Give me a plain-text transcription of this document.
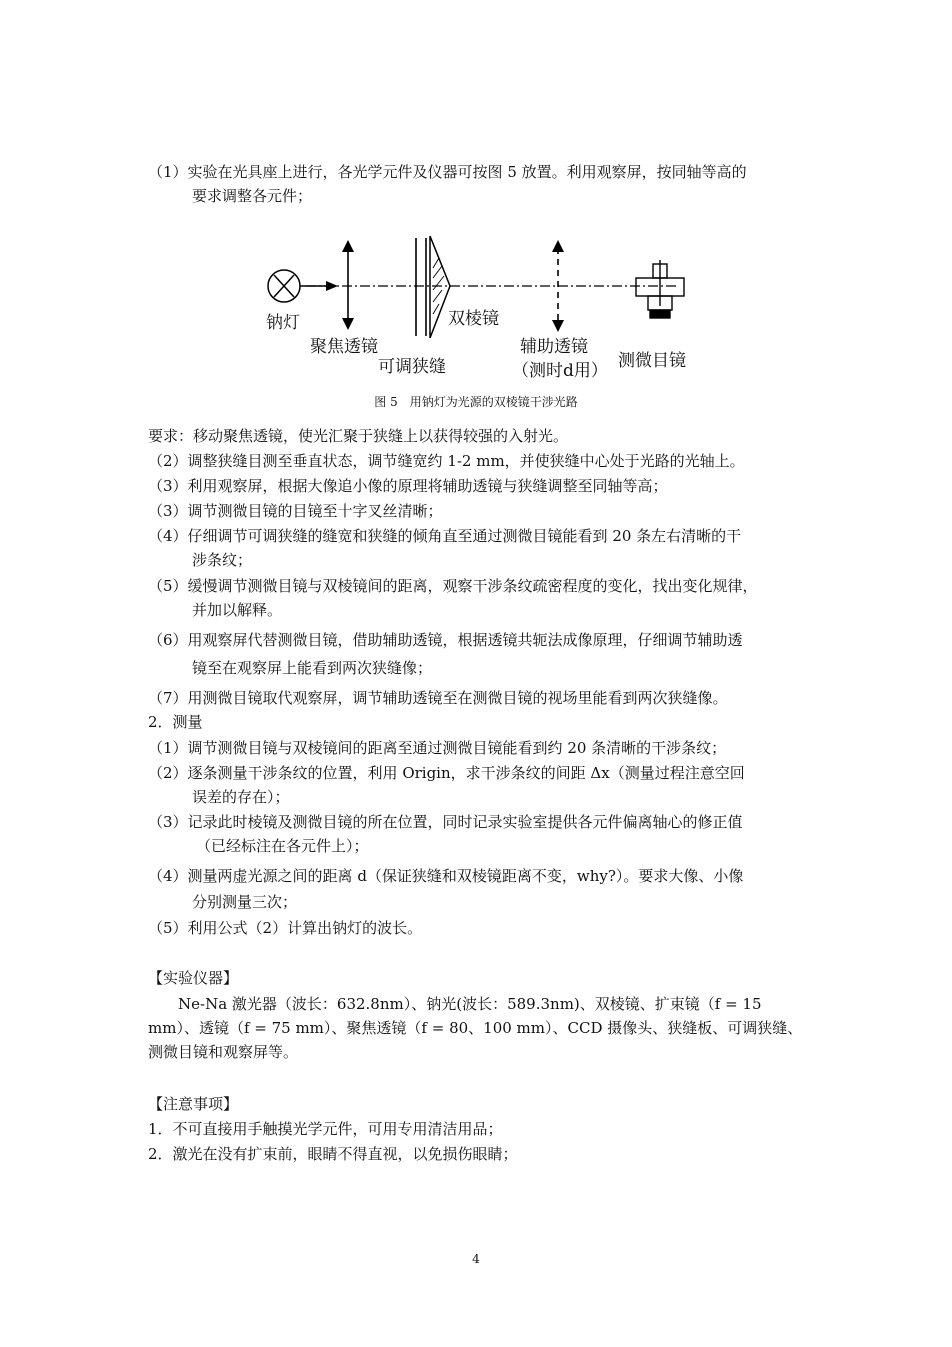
（1）实验在光具座上进行，各光学元件及仪器可按图 5 放置。利用观察屏，按同轴等高的
要求调整各元件；
钠灯
聚焦透镜
可调狭缝
双棱镜
辅助透镜
（测时d用） 测微目镜
图 5　用钠灯为光源的双棱镜干涉光路
要求：移动聚焦透镜，使光汇聚于狭缝上以获得较强的入射光。
（2）调整狭缝目测至垂直状态，调节缝宽约 1-2 mm，并使狭缝中心处于光路的光轴上。
（3）利用观察屏，根据大像追小像的原理将辅助透镜与狭缝调整至同轴等高；
（3）调节测微目镜的目镜至十字叉丝清晰；
（4）仔细调节可调狭缝的缝宽和狭缝的倾角直至通过测微目镜能看到 20 条左右清晰的干
涉条纹；
（5）缓慢调节测微目镜与双棱镜间的距离，观察干涉条纹疏密程度的变化，找出变化规律，
并加以解释。
（6）用观察屏代替测微目镜，借助辅助透镜，根据透镜共轭法成像原理，仔细调节辅助透
镜至在观察屏上能看到两次狭缝像；
（7）用测微目镜取代观察屏，调节辅助透镜至在测微目镜的视场里能看到两次狭缝像。
2．测量
（1）调节测微目镜与双棱镜间的距离至通过测微目镜能看到约 20 条清晰的干涉条纹；
（2）逐条测量干涉条纹的位置，利用 Origin，求干涉条纹的间距 Δx（测量过程注意空回
误差的存在）；
（3）记录此时棱镜及测微目镜的所在位置，同时记录实验室提供各元件偏离轴心的修正值
（已经标注在各元件上）；
（4）测量两虚光源之间的距离 d（保证狭缝和双棱镜距离不变，why?）。要求大像、小像
分别测量三次；
（5）利用公式（2）计算出钠灯的波长。
【实验仪器】
Ne-Na 激光器（波长：632.8nm）、钠光(波长：589.3nm)、双棱镜、扩束镜（f = 15 mm）、透镜（f = 75 mm）、聚焦透镜（f = 80、100 mm）、CCD 摄像头、狭缝板、可调狭缝、测微目镜和观察屏等。
【注意事项】
1．不可直接用手触摸光学元件，可用专用清洁用品；
2．激光在没有扩束前，眼睛不得直视，以免损伤眼睛；
4
